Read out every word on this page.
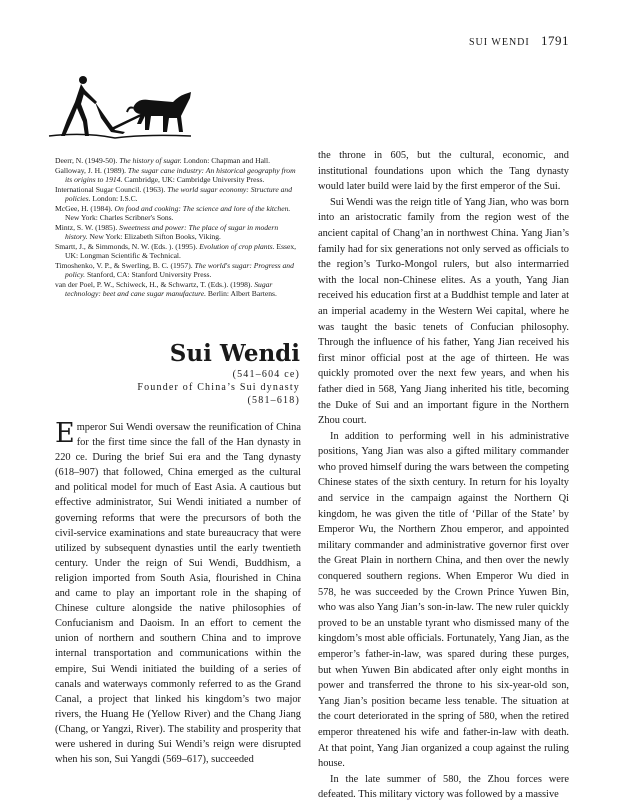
SUI WENDI 1791

Deerr, N. (1949-50). The history of sugar. London: Chapman and Hall.

Galloway, J. H. (1989). The sugar cane industry: An historical geography from its origins to 1914. Cambridge, UK: Cambridge University Press.

International Sugar Council. (1963). The world sugar economy: Structure and policies. London: I.S.C.

McGee, H. (1984). On food and cooking: The science and lore of the kitchen. New York: Charles Scribner's Sons.

Mintz, S. W. (1985). Sweetness and power: The place of sugar in modern history. New York: Elizabeth Sifton Books, Viking.

Smartt, J., & Simmonds, N. W. (Eds. ). (1995). Evolution of crop plants. Essex, UK: Longman Scientific & Technical.

Timoshenko, V. P., & Swerling, B. C. (1957). The world's sugar: Progress and policy. Stanford, CA: Stanford University Press.

van der Poel, P. W., Schiweck, H., & Schwartz, T. (Eds.). (1998). Sugar technology: beet and cane sugar manufacture. Berlin: Albert Bartens.

Sui Wendi
(541–604 ce)
Founder of China’s Sui dynasty
(581–618)

Emperor Sui Wendi oversaw the reunification of China for the first time since the fall of the Han dynasty in 220 ce. During the brief Sui era and the Tang dynasty (618–907) that followed, China emerged as the cultural and political model for much of East Asia. A cautious but effective administrator, Sui Wendi initiated a number of governing reforms that were the precursors of both the civil-service examinations and state bureaucracy that were utilized by subsequent dynasties until the early twentieth century. Under the reign of Sui Wendi, Buddhism, a religion imported from South Asia, flourished in China and came to play an important role in the shaping of Chinese culture alongside the native philosophies of Confucianism and Daoism. In an effort to cement the union of northern and southern China and to improve internal transportation and communications within the empire, Sui Wendi initiated the building of a series of canals and waterways commonly referred to as the Grand Canal, a project that linked his kingdom’s two major rivers, the Huang He (Yellow River) and the Chang Jiang (Chang, or Yangzi, River). The stability and prosperity that were ushered in during Sui Wendi’s reign were disrupted when his son, Sui Yangdi (569–617), succeeded

the throne in 605, but the cultural, economic, and institutional foundations upon which the Tang dynasty would later build were laid by the first emperor of the Sui.

Sui Wendi was the reign title of Yang Jian, who was born into an aristocratic family from the region west of the ancient capital of Chang’an in northwest China. Yang Jian’s family had for six generations not only served as officials to the region’s Turko-Mongol rulers, but also intermarried with the local non-Chinese elites. As a youth, Yang Jian received his education first at a Buddhist temple and later at an imperial academy in the Western Wei capital, where he was taught the basic tenets of Confucian philosophy. Through the influence of his father, Yang Jian received his first minor official post at the age of thirteen. He was quickly promoted over the next few years, and when his father died in 568, Yang Jiang inherited his title, becoming the Duke of Sui and an important figure in the Northern Zhou court.

In addition to performing well in his administrative positions, Yang Jian was also a gifted military commander who proved himself during the wars between the competing Chinese states of the sixth century. In return for his loyalty and service in the campaign against the Northern Qi kingdom, he was given the title of ‘Pillar of the State’ by Emperor Wu, the Northern Zhou emperor, and appointed military commander and administrative governor first over the Great Plain in northern China, and then over the newly conquered southern regions. When Emperor Wu died in 578, he was succeeded by the Crown Prince Yuwen Bin, who was also Yang Jian’s son-in-law. The new ruler quickly proved to be an unstable tyrant who dismissed many of the kingdom’s most able officials. Fortunately, Yang Jian, as the emperor’s father-in-law, was spared during these purges, but when Yuwen Bin abdicated after only eight months in power and transferred the throne to his six-year-old son, Yang Jian’s position became less tenable. The situation at the court deteriorated in the spring of 580, when the retired emperor threatened his wife and father-in-law with death. At that point, Yang Jian organized a coup against the ruling house.

In the late summer of 580, the Zhou forces were defeated. This military victory was followed by a massive
